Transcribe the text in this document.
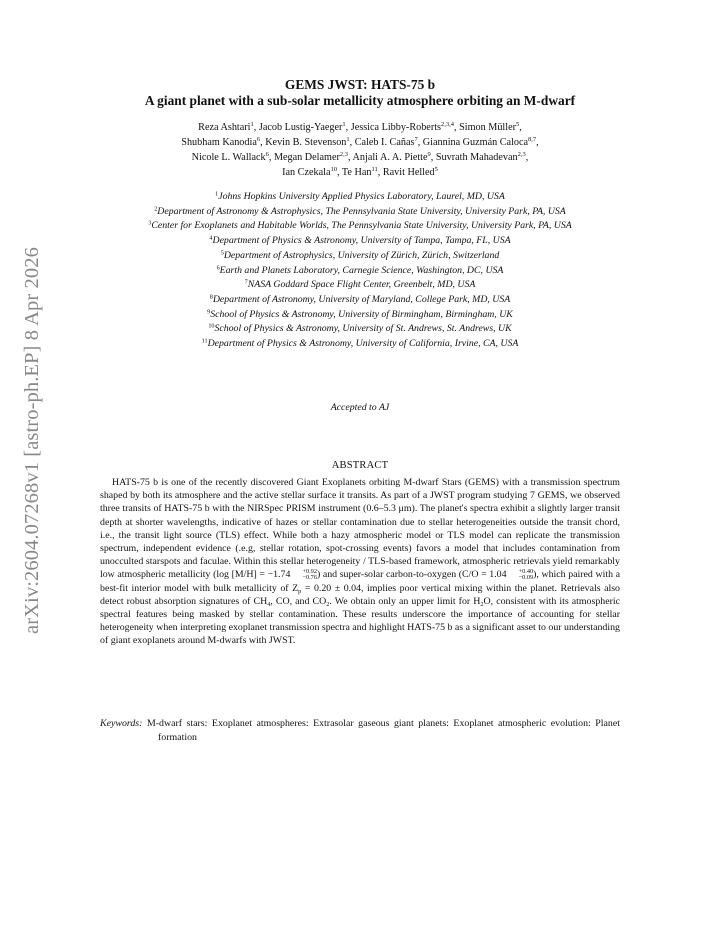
arXiv:2604.07268v1 [astro-ph.EP] 8 Apr 2026
GEMS JWST: HATS-75 b
A giant planet with a sub-solar metallicity atmosphere orbiting an M-dwarf
Reza Ashtari$^1$, Jacob Lustig-Yaeger$^1$, Jessica Libby-Roberts$^{2,3,4}$, Simon Müller$^5$,
Shubham Kanodia$^6$, Kevin B. Stevenson$^1$, Caleb I. Cañas$^7$, Giannina Guzmán Caloca$^{8,7}$,
Nicole L. Wallack$^6$, Megan Delamer$^{2,3}$, Anjali A. A. Piette$^9$, Suvrath Mahadevan$^{2,3}$,
Ian Czekala$^{10}$, Te Han$^{11}$, Ravit Helled$^5$
$^1$Johns Hopkins University Applied Physics Laboratory, Laurel, MD, USA
$^2$Department of Astronomy & Astrophysics, The Pennsylvania State University, University Park, PA, USA
$^3$Center for Exoplanets and Habitable Worlds, The Pennsylvania State University, University Park, PA, USA
$^4$Department of Physics & Astronomy, University of Tampa, Tampa, FL, USA
$^5$Department of Astrophysics, University of Zürich, Zürich, Switzerland
$^6$Earth and Planets Laboratory, Carnegie Science, Washington, DC, USA
$^7$NASA Goddard Space Flight Center, Greenbelt, MD, USA
$^8$Department of Astronomy, University of Maryland, College Park, MD, USA
$^9$School of Physics & Astronomy, University of Birmingham, Birmingham, UK
$^{10}$School of Physics & Astronomy, University of St. Andrews, St. Andrews, UK
$^{11}$Department of Physics & Astronomy, University of California, Irvine, CA, USA
Accepted to AJ
ABSTRACT
HATS-75 b is one of the recently discovered Giant Exoplanets orbiting M-dwarf Stars (GEMS) with a transmission spectrum shaped by both its atmosphere and the active stellar surface it transits. As part of a JWST program studying 7 GEMS, we observed three transits of HATS-75 b with the NIRSpec PRISM instrument (0.6–5.3 μm). The planet's spectra exhibit a slightly larger transit depth at shorter wavelengths, indicative of hazes or stellar contamination due to stellar heterogeneities outside the transit chord, i.e., the transit light source (TLS) effect. While both a hazy atmospheric model or TLS model can replicate the transmission spectrum, independent evidence (.e.g, stellar rotation, spot-crossing events) favors a model that includes contamination from unocculted starspots and faculae. Within this stellar heterogeneity / TLS-based framework, atmospheric retrievals yield remarkably low atmospheric metallicity (log [M/H] = −1.74	+0.92
−0.76 ) and super-solar carbon-to-oxygen (C/O = 1.04	+0.40
−0.09 ), which paired with a best-fit interior model with bulk metallicity of $Z_p = 0.20 \pm 0.04$, implies poor vertical mixing within the planet. Retrievals also detect robust absorption signatures of $CH_4$, CO, and $CO_2$. We obtain only an upper limit for $H_2O$, consistent with its atmospheric spectral features being masked by stellar contamination. These results underscore the importance of accounting for stellar heterogeneity when interpreting exoplanet transmission spectra and highlight HATS-75 b as a significant asset to our understanding of giant exoplanets around M-dwarfs with JWST.
Keywords: M-dwarf stars: Exoplanet atmospheres: Extrasolar gaseous giant planets: Exoplanet atmospheric evolution: Planet formation
